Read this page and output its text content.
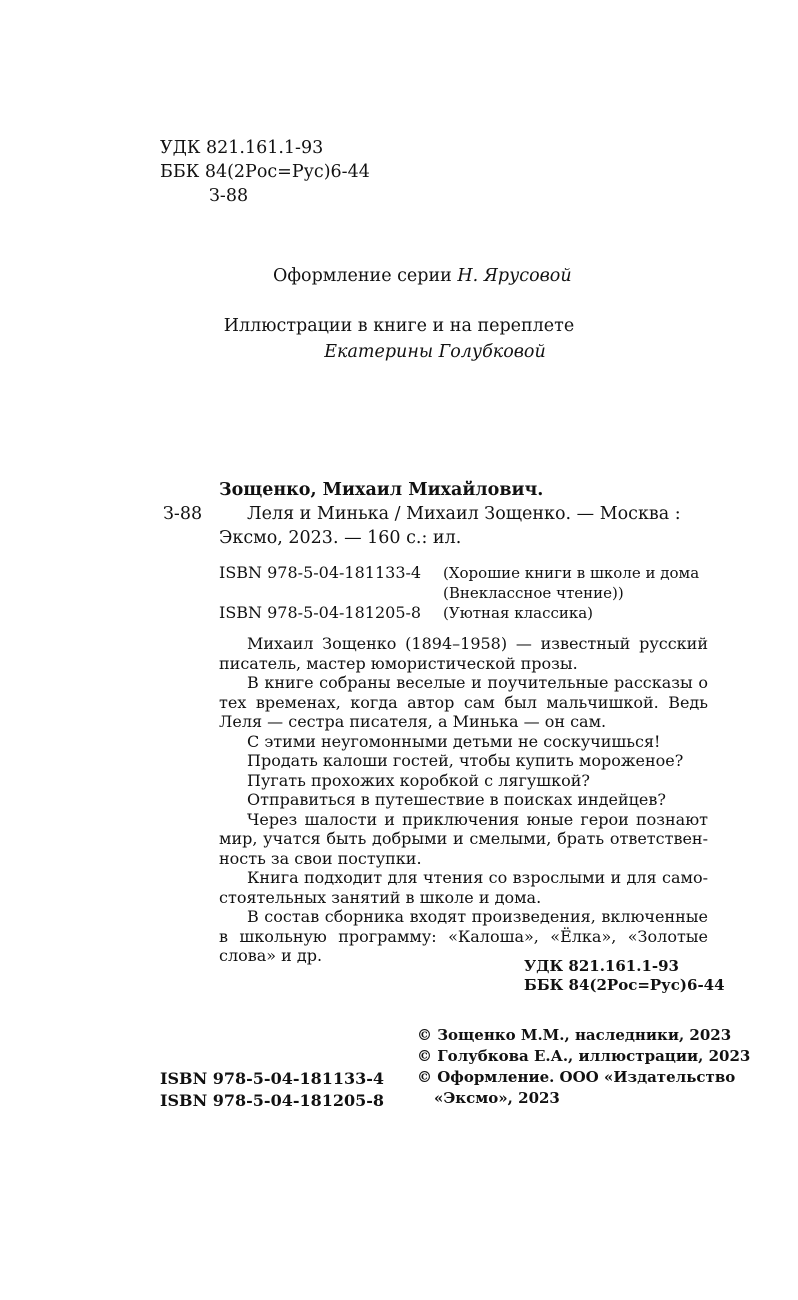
УДК 821.161.1-93
ББК 84(2Рос=Рус)6-44
З-88
Оформление серии Н. Ярусовой
Иллюстрации в книге и на переплете
Екатерины Голубковой
Зощенко, Михаил Михайлович.
З-88	Леля и Минька / Михаил Зощенко. — Москва :
Эксмо, 2023. — 160 с.: ил.
ISBN 978-5-04-181133-4 (Хорошие книги в школе и дома
(Внеклассное чтение))
ISBN 978-5-04-181205-8 (Уютная классика)

Михаил Зощенко (1894–1958) — известный русский писатель, мастер юмористической прозы.

В книге собраны веселые и поучительные рассказы о тех временах, когда автор сам был мальчишкой. Ведь Леля — сестра писателя, а Минька — он сам.

С этими неугомонными детьми не соскучишься!

Продать калоши гостей, чтобы купить мороженое?

Пугать прохожих коробкой с лягушкой?

Отправиться в путешествие в поисках индейцев?

Через шалости и приключения юные герои познают мир, учатся быть добрыми и смелыми, брать ответственность за свои поступки.

Книга подходит для чтения со взрослыми и для самостоятельных занятий в школе и дома.

В состав сборника входят произведения, включенные в школьную программу: «Калоша», «Ёлка», «Золотые слова» и др.

УДК 821.161.1-93
ББК 84(2Рос=Рус)6-44
ISBN 978-5-04-181133-4
ISBN 978-5-04-181205-8
© Зощенко М.М., наследники, 2023
© Голубкова Е.А., иллюстрации, 2023
© Оформление. ООО «Издательство
«Эксмо», 2023
